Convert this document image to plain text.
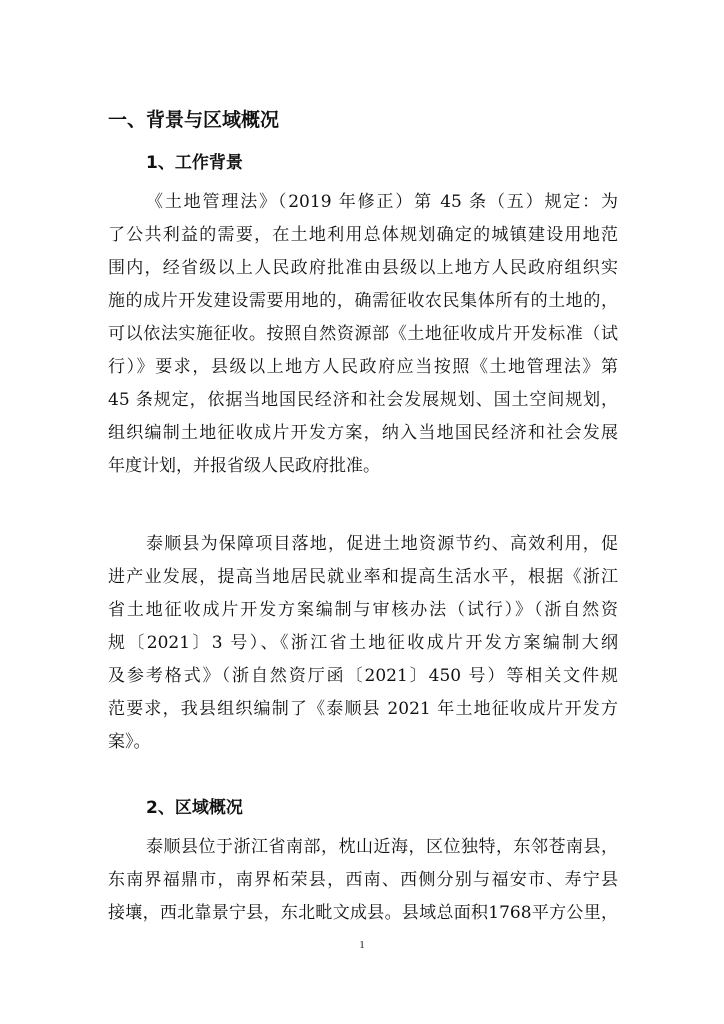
一、背景与区域概况
1、工作背景
《土地管理法》（2019 年修正）第 45 条（五）规定：为
了公共利益的需要，在土地利用总体规划确定的城镇建设用地范
围内，经省级以上人民政府批准由县级以上地方人民政府组织实
施的成片开发建设需要用地的，确需征收农民集体所有的土地的，
可以依法实施征收。按照自然资源部《土地征收成片开发标准（试
行）》要求，县级以上地方人民政府应当按照《土地管理法》第
45 条规定，依据当地国民经济和社会发展规划、国土空间规划，
组织编制土地征收成片开发方案，纳入当地国民经济和社会发展
年度计划，并报省级人民政府批准。
泰顺县为保障项目落地，促进土地资源节约、高效利用，促
进产业发展，提高当地居民就业率和提高生活水平，根据《浙江
省土地征收成片开发方案编制与审核办法（试行）》（浙自然资
规〔2021〕3 号）、《浙江省土地征收成片开发方案编制大纲
及参考格式》（浙自然资厅函〔2021〕450 号）等相关文件规
范要求，我县组织编制了《泰顺县 2021 年土地征收成片开发方
案》。
2、区域概况
泰顺县位于浙江省南部，枕山近海，区位独特，东邻苍南县，
东南界福鼎市，南界柘荣县，西南、西侧分别与福安市、寿宁县
接壤，西北靠景宁县，东北毗文成县。县域总面积1768平方公里，
1
